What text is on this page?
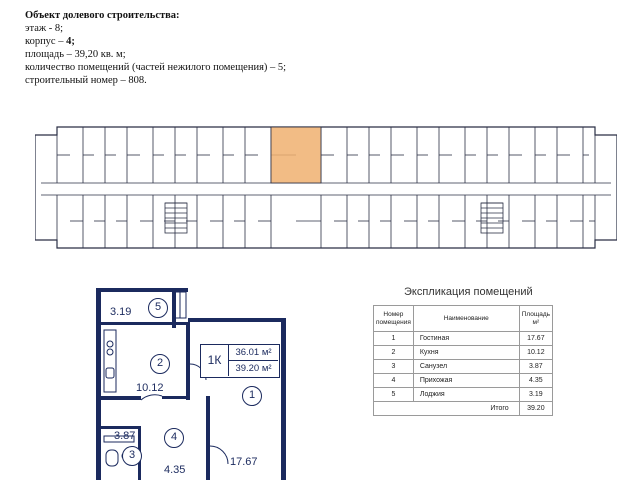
Объект долевого строительства:
этаж - 8;
корпус – 4;
площадь – 39,20 кв. м;
количество помещений (частей нежилого помещения) – 5;
строительный номер – 808.
3.19	5
2
10.12
1К
36.01 м²
39.20 м²
1
17.67
3.87
3
4
4.35
Экспликация помещений
Номер помещения	Наименование	Площадь м²
1	Гостиная	17.67
2	Кухня	10.12
3	Санузел	3.87
4	Прихожая	4.35
5	Лоджия	3.19
Итого		39.20
